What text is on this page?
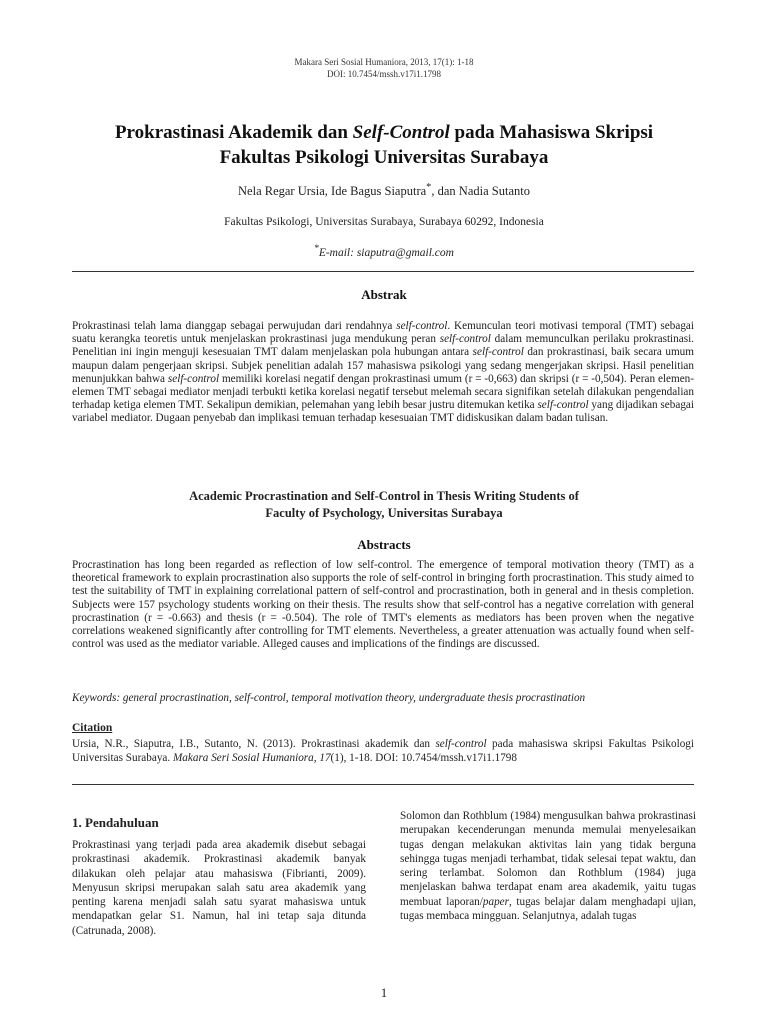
Makara Seri Sosial Humaniora, 2013, 17(1): 1-18
DOI: 10.7454/mssh.v17i1.1798
Prokrastinasi Akademik dan Self-Control pada Mahasiswa Skripsi
Fakultas Psikologi Universitas Surabaya
Nela Regar Ursia, Ide Bagus Siaputra*, dan Nadia Sutanto
Fakultas Psikologi, Universitas Surabaya, Surabaya 60292, Indonesia
*E-mail: siaputra@gmail.com
Abstrak
Prokrastinasi telah lama dianggap sebagai perwujudan dari rendahnya self-control. Kemunculan teori motivasi temporal (TMT) sebagai suatu kerangka teoretis untuk menjelaskan prokrastinasi juga mendukung peran self-control dalam memunculkan perilaku prokrastinasi. Penelitian ini ingin menguji kesesuaian TMT dalam menjelaskan pola hubungan antara self-control dan prokrastinasi, baik secara umum maupun dalam pengerjaan skripsi. Subjek penelitian adalah 157 mahasiswa psikologi yang sedang mengerjakan skripsi. Hasil penelitian menunjukkan bahwa self-control memiliki korelasi negatif dengan prokrastinasi umum (r = -0,663) dan skripsi (r = -0,504). Peran elemen-elemen TMT sebagai mediator menjadi terbukti ketika korelasi negatif tersebut melemah secara signifikan setelah dilakukan pengendalian terhadap ketiga elemen TMT. Sekalipun demikian, pelemahan yang lebih besar justru ditemukan ketika self-control yang dijadikan sebagai variabel mediator. Dugaan penyebab dan implikasi temuan terhadap kesesuaian TMT didiskusikan dalam badan tulisan.
Academic Procrastination and Self-Control in Thesis Writing Students of
Faculty of Psychology, Universitas Surabaya
Abstracts
Procrastination has long been regarded as reflection of low self-control. The emergence of temporal motivation theory (TMT) as a theoretical framework to explain procrastination also supports the role of self-control in bringing forth procrastination. This study aimed to test the suitability of TMT in explaining correlational pattern of self-control and procrastination, both in general and in thesis completion. Subjects were 157 psychology students working on their thesis. The results show that self-control has a negative correlation with general procrastination (r = -0.663) and thesis (r = -0.504). The role of TMT's elements as mediators has been proven when the negative correlations weakened significantly after controlling for TMT elements. Nevertheless, a greater attenuation was actually found when self-control was used as the mediator variable. Alleged causes and implications of the findings are discussed.
Keywords: general procrastination, self-control, temporal motivation theory, undergraduate thesis procrastination
Citation
Ursia, N.R., Siaputra, I.B., Sutanto, N. (2013). Prokrastinasi akademik dan self-control pada mahasiswa skripsi Fakultas Psikologi Universitas Surabaya. Makara Seri Sosial Humaniora, 17(1), 1-18. DOI: 10.7454/mssh.v17i1.1798
1. Pendahuluan
Prokrastinasi yang terjadi pada area akademik disebut sebagai prokrastinasi akademik. Prokrastinasi akademik banyak dilakukan oleh pelajar atau mahasiswa (Fibrianti, 2009). Menyusun skripsi merupakan salah satu area akademik yang penting karena menjadi salah satu syarat mahasiswa untuk mendapatkan gelar S1. Namun, hal ini tetap saja ditunda (Catrunada, 2008).
Solomon dan Rothblum (1984) mengusulkan bahwa prokrastinasi merupakan kecenderungan menunda memulai menyelesaikan tugas dengan melakukan aktivitas lain yang tidak berguna sehingga tugas menjadi terhambat, tidak selesai tepat waktu, dan sering terlambat. Solomon dan Rothblum (1984) juga menjelaskan bahwa terdapat enam area akademik, yaitu tugas membuat laporan/paper, tugas belajar dalam menghadapi ujian, tugas membaca mingguan. Selanjutnya, adalah tugas
1
